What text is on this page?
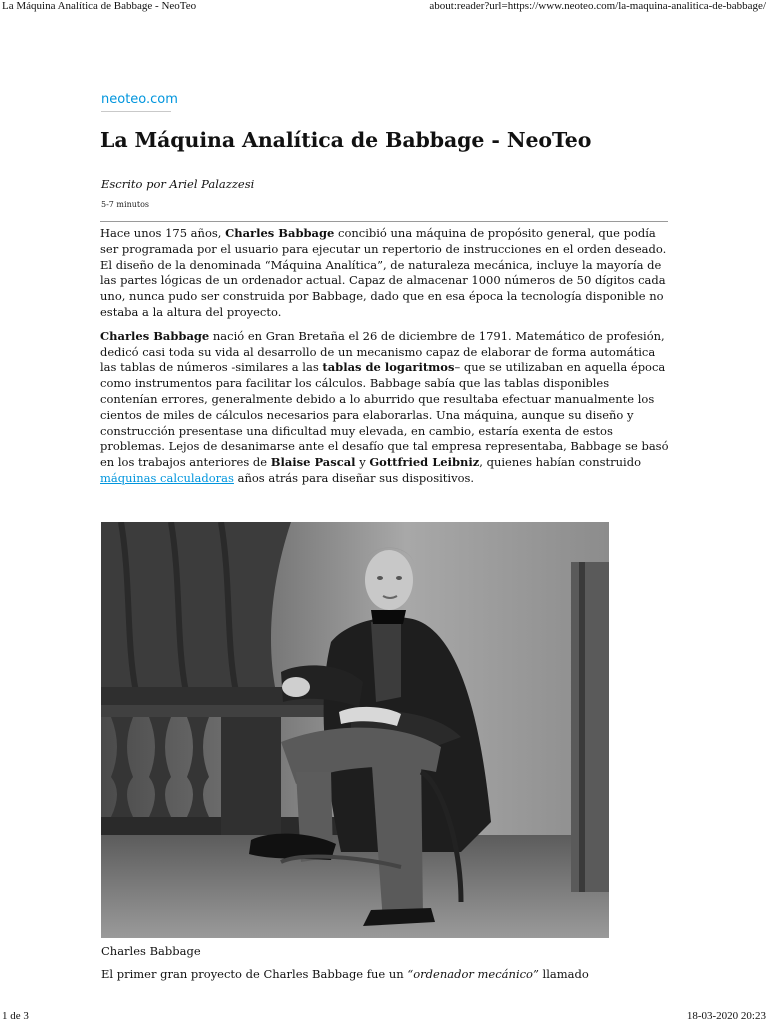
La Máquina Analítica de Babbage - NeoTeo	about:reader?url=https://www.neoteo.com/la-maquina-analitica-de-babbage/
neoteo.com
La Máquina Analítica de Babbage - NeoTeo
Escrito por Ariel Palazzesi
5-7 minutos

Hace unos 175 años, Charles Babbage concibió una máquina de propósito general, que podía ser programada por el usuario para ejecutar un repertorio de instrucciones en el orden deseado. El diseño de la denominada “Máquina Analítica”, de naturaleza mecánica, incluye la mayoría de las partes lógicas de un ordenador actual. Capaz de almacenar 1000 números de 50 dígitos cada uno, nunca pudo ser construida por Babbage, dado que en esa época la tecnología disponible no estaba a la altura del proyecto.

Charles Babbage nació en Gran Bretaña el 26 de diciembre de 1791. Matemático de profesión, dedicó casi toda su vida al desarrollo de un mecanismo capaz de elaborar de forma automática las tablas de números -similares a las tablas de logaritmos– que se utilizaban en aquella época como instrumentos para facilitar los cálculos. Babbage sabía que las tablas disponibles contenían errores, generalmente debido a lo aburrido que resultaba efectuar manualmente los cientos de miles de cálculos necesarios para elaborarlas. Una máquina, aunque su diseño y construcción presentase una dificultad muy elevada, en cambio, estaría exenta de estos problemas. Lejos de desanimarse ante el desafío que tal empresa representaba, Babbage se basó en los trabajos anteriores de Blaise Pascal y Gottfried Leibniz, quienes habían construido máquinas calculadoras años atrás para diseñar sus dispositivos.

Charles Babbage
El primer gran proyecto de Charles Babbage fue un “ordenador mecánico” llamado
1 de 3	18-03-2020 20:23
